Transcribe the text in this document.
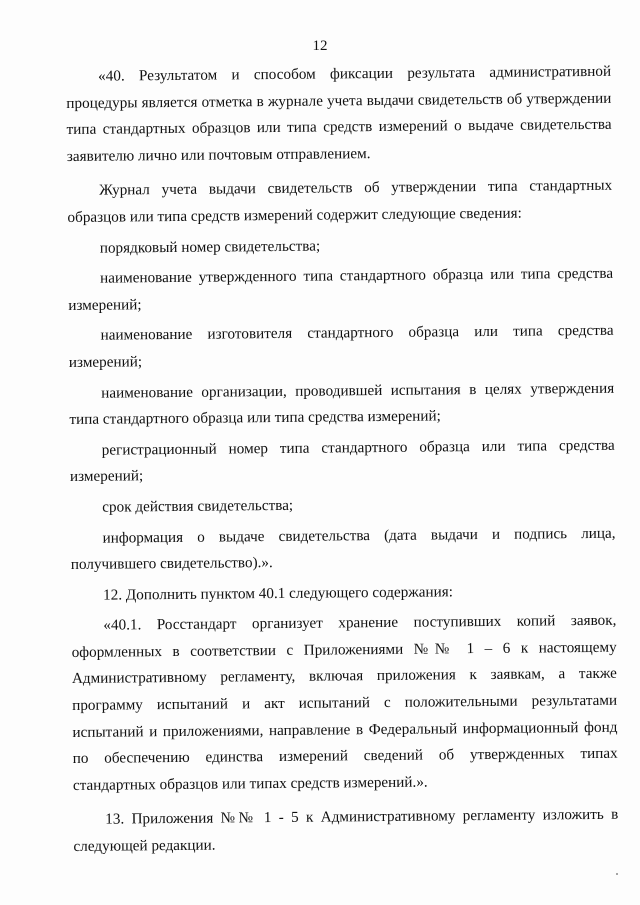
12

«40. Результатом и способом фиксации результата административной процедуры является отметка в журнале учета выдачи свидетельств об утверждении типа стандартных образцов или типа средств измерений о выдаче свидетельства заявителю лично или почтовым отправлением.

Журнал учета выдачи свидетельств об утверждении типа стандартных образцов или типа средств измерений содержит следующие сведения:

порядковый номер свидетельства;

наименование утвержденного типа стандартного образца или типа средства измерений;

наименование изготовителя стандартного образца или типа средства измерений;

наименование организации, проводившей испытания в целях утверждения типа стандартного образца или типа средства измерений;

регистрационный номер типа стандартного образца или типа средства измерений;

срок действия свидетельства;

информация о выдаче свидетельства (дата выдачи и подпись лица, получившего свидетельство).».

12. Дополнить пунктом 40.1 следующего содержания:

«40.1. Росстандарт организует хранение поступивших копий заявок, оформленных в соответствии с Приложениями №№ 1 – 6 к настоящему Административному регламенту, включая приложения к заявкам, а также программу испытаний и акт испытаний с положительными результатами испытаний и приложениями, направление в Федеральный информационный фонд по обеспечению единства измерений сведений об утвержденных типах стандартных образцов или типах средств измерений.».

13. Приложения №№ 1 - 5 к Административному регламенту изложить в следующей редакции.
